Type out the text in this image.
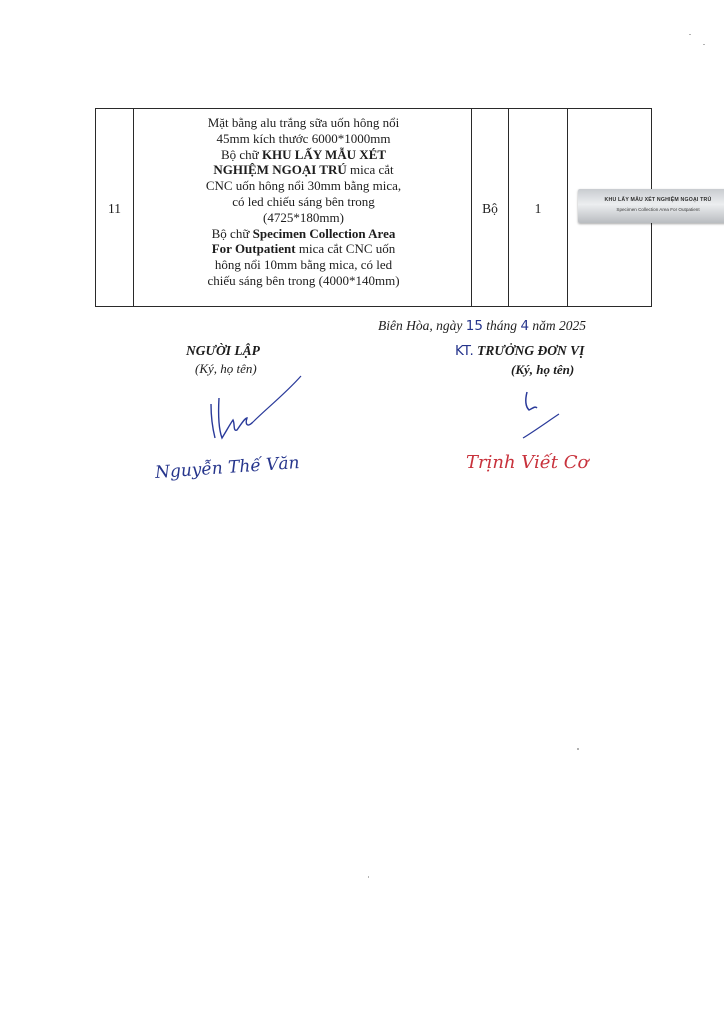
11
Mặt bằng alu trắng sữa uốn hông nổi
45mm kích thước 6000*1000mm
Bộ chữ KHU LẤY MẪU XÉT
NGHIỆM NGOẠI TRÚ mica cắt
CNC uốn hông nổi 30mm bằng mica,
có led chiếu sáng bên trong
(4725*180mm)
Bộ chữ Specimen Collection Area
For Outpatient mica cắt CNC uốn
hông nổi 10mm bằng mica, có led
chiếu sáng bên trong (4000*140mm)
Bộ	1
KHU LẤY MẪU XÉT NGHIỆM NGOẠI TRÚ
Specimen Collection Area For Outpatient
Biên Hòa, ngày 15 tháng 4 năm 2025
NGƯỜI LẬP
(Ký, họ tên)
Nguyễn Thế Văn
KT. TRƯỞNG ĐƠN VỊ
(Ký, họ tên)
Trịnh Viết Cơ
